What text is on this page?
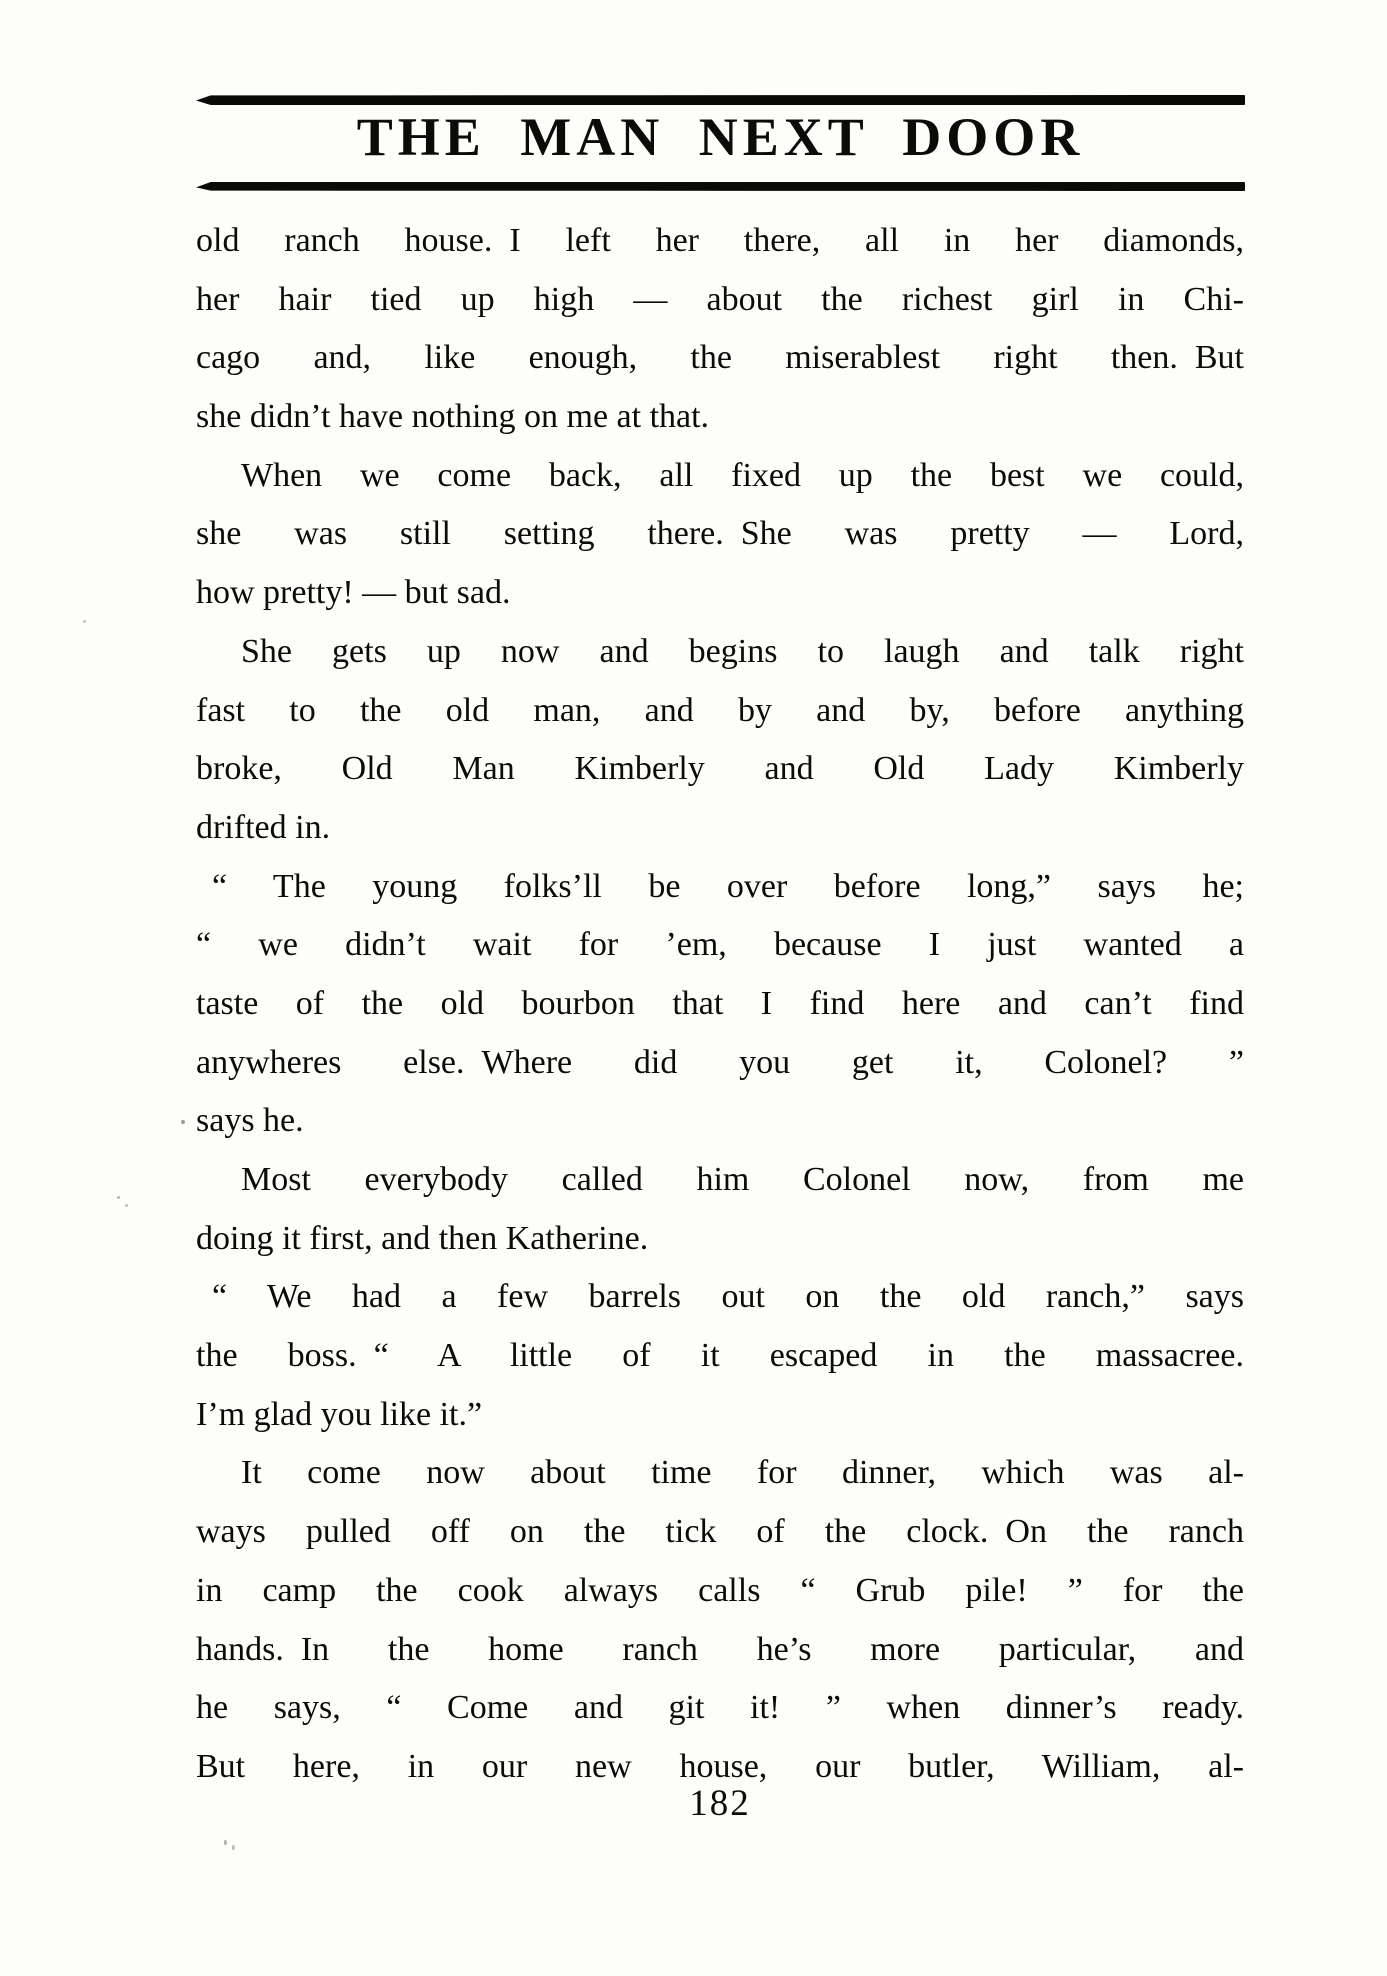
THE MAN NEXT DOOR
old ranch house. I left her there, all in her diamonds,
her hair tied up high — about the richest girl in Chi-
cago and, like enough, the miserablest right then. But
she didn’t have nothing on me at that.
When we come back, all fixed up the best we could,
she was still setting there. She was pretty — Lord,
how pretty! — but sad.
She gets up now and begins to laugh and talk right
fast to the old man, and by and by, before anything
broke, Old Man Kimberly and Old Lady Kimberly
drifted in.
“ The young folks’ll be over before long,” says he;
“ we didn’t wait for ’em, because I just wanted a
taste of the old bourbon that I find here and can’t find
anywheres else. Where did you get it, Colonel? ”
says he.
Most everybody called him Colonel now, from me
doing it first, and then Katherine.
“ We had a few barrels out on the old ranch,” says
the boss. “ A little of it escaped in the massacree.
I’m glad you like it.”
It come now about time for dinner, which was al-
ways pulled off on the tick of the clock. On the ranch
in camp the cook always calls “ Grub pile! ” for the
hands. In the home ranch he’s more particular, and
he says, “ Come and git it! ” when dinner’s ready.
But here, in our new house, our butler, William, al-
182
